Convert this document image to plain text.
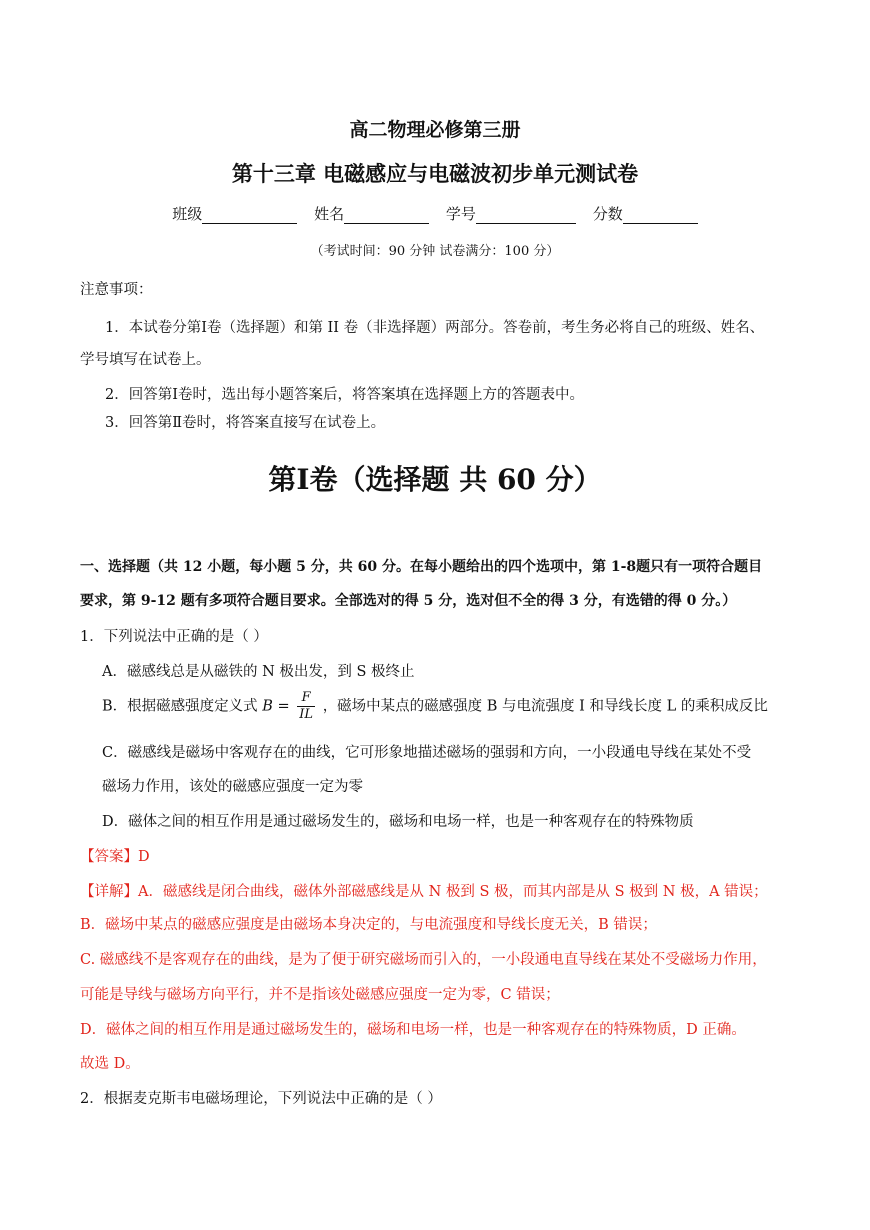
高二物理必修第三册
第十三章 电磁感应与电磁波初步单元测试卷
班级	姓名	学号	分数
（考试时间：90 分钟 试卷满分：100 分）
注意事项：
1．本试卷分第Ⅰ卷（选择题）和第 II 卷（非选择题）两部分。答卷前，考生务必将自己的班级、姓名、
学号填写在试卷上。
2．回答第Ⅰ卷时，选出每小题答案后，将答案填在选择题上方的答题表中。
3．回答第Ⅱ卷时，将答案直接写在试卷上。
第Ⅰ卷（选择题 共 60 分）
一、选择题（共 12 小题，每小题 5 分，共 60 分。在每小题给出的四个选项中，第 1-8题只有一项符合题目
要求，第 9-12 题有多项符合题目要求。全部选对的得 5 分，选对但不全的得 3 分，有选错的得 0 分。）
1．下列说法中正确的是（ ）
A．磁感线总是从磁铁的 N 极出发，到 S 极终止
B．根据磁感强度定义式 $B = \frac{F}{IL}$ ，磁场中某点的磁感强度 B 与电流强度 I 和导线长度 L 的乘积成反比
C．磁感线是磁场中客观存在的曲线，它可形象地描述磁场的强弱和方向，一小段通电导线在某处不受
磁场力作用，该处的磁感应强度一定为零
D．磁体之间的相互作用是通过磁场发生的，磁场和电场一样，也是一种客观存在的特殊物质
【答案】D
【详解】A．磁感线是闭合曲线，磁体外部磁感线是从 N 极到 S 极，而其内部是从 S 极到 N 极，A 错误；
B．磁场中某点的磁感应强度是由磁场本身决定的，与电流强度和导线长度无关，B 错误；
C. 磁感线不是客观存在的曲线，是为了便于研究磁场而引入的，一小段通电直导线在某处不受磁场力作用，
可能是导线与磁场方向平行，并不是指该处磁感应强度一定为零，C 错误；
D．磁体之间的相互作用是通过磁场发生的，磁场和电场一样，也是一种客观存在的特殊物质，D 正确。
故选 D。
2．根据麦克斯韦电磁场理论，下列说法中正确的是（ ）
